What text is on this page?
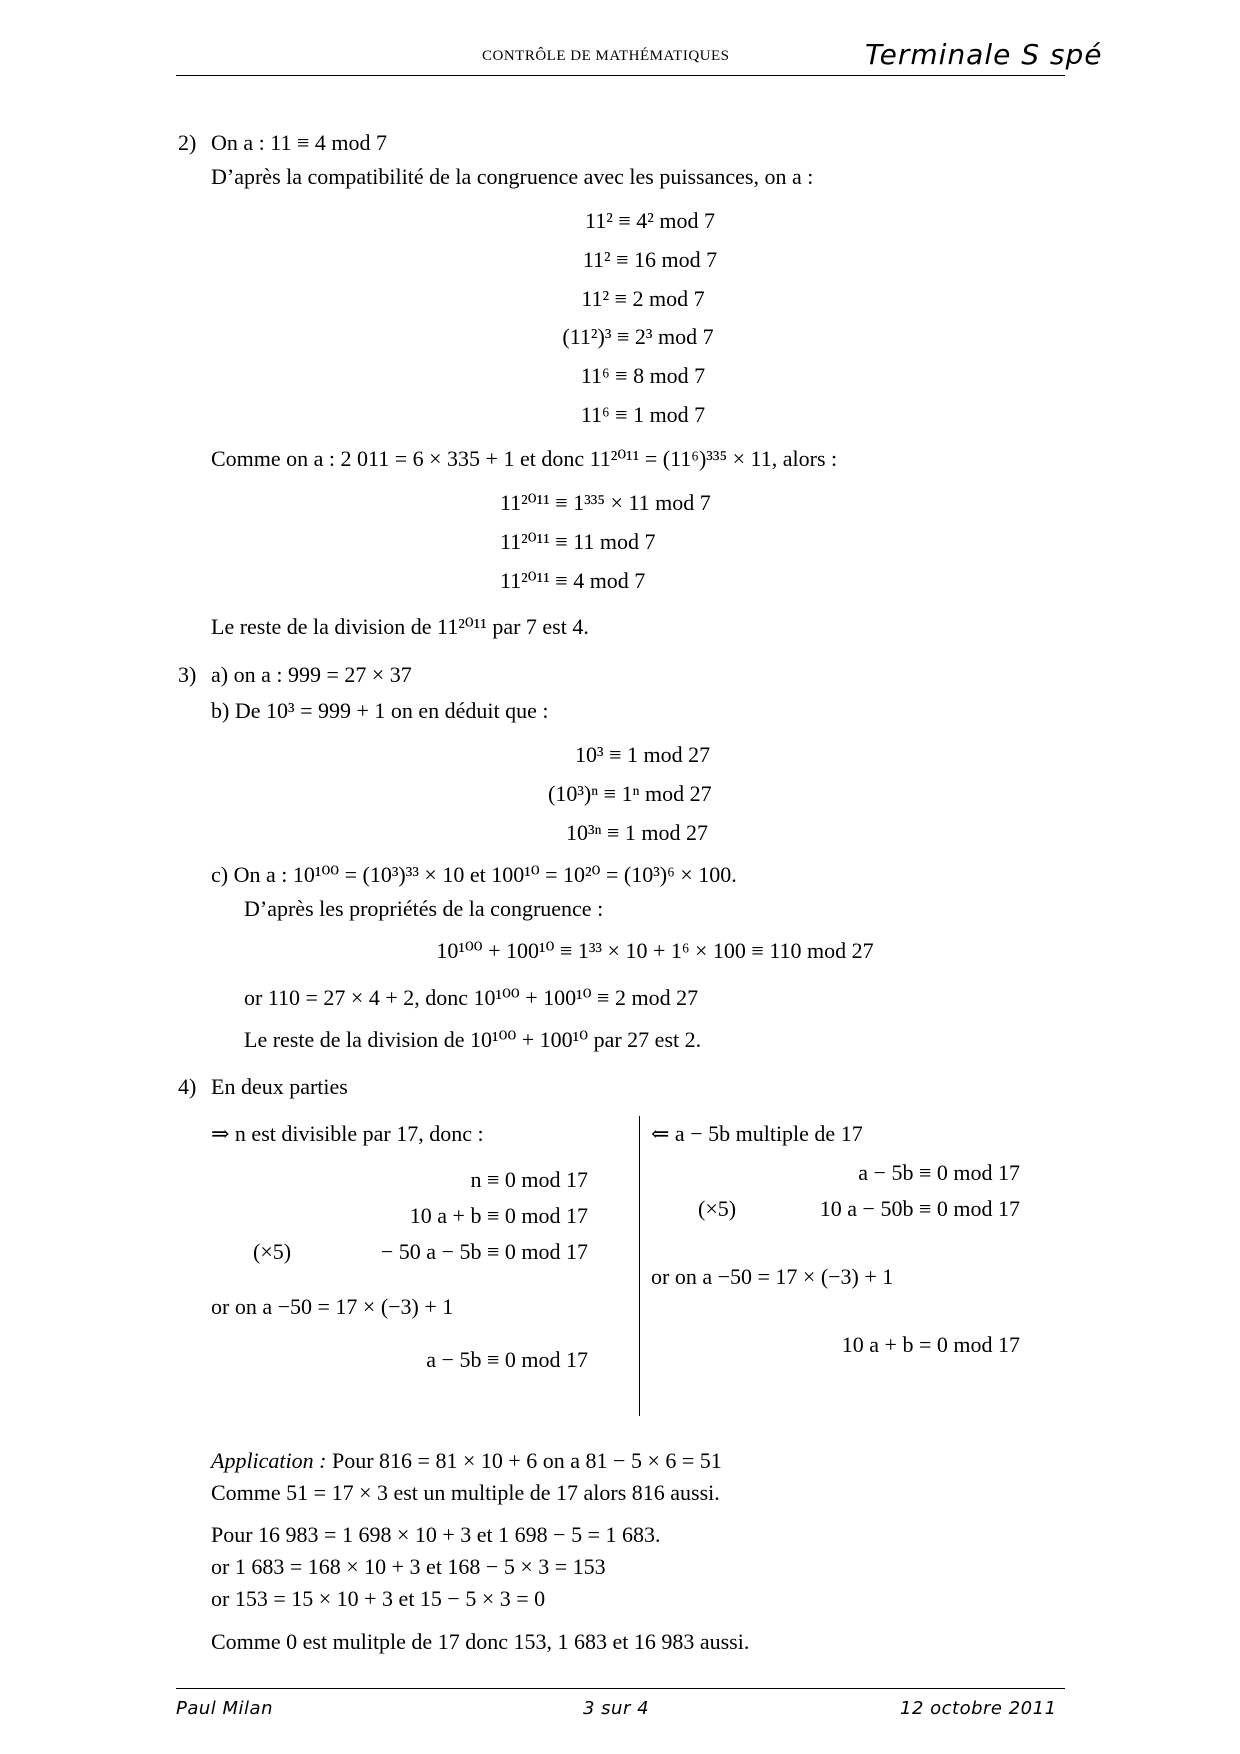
CONTRÔLE DE MATHÉMATIQUES	Terminale S spé
2) On a : 11 ≡ 4 mod 7
D’après la compatibilité de la congruence avec les puissances, on a :
11² ≡ 4² mod 7
11² ≡ 16 mod 7
11² ≡ 2 mod 7
(11²)³ ≡ 2³ mod 7
11⁶ ≡ 8 mod 7
11⁶ ≡ 1 mod 7
Comme on a : 2 011 = 6 × 335 + 1 et donc 11²⁰¹¹ = (11⁶)³³⁵ × 11, alors :
11²⁰¹¹ ≡ 1³³⁵ × 11 mod 7
11²⁰¹¹ ≡ 11 mod 7
11²⁰¹¹ ≡ 4 mod 7
Le reste de la division de 11²⁰¹¹ par 7 est 4.
3) a) on a : 999 = 27 × 37
b) De 10³ = 999 + 1 on en déduit que :
10³ ≡ 1 mod 27
(10³)ⁿ ≡ 1ⁿ mod 27
10³ⁿ ≡ 1 mod 27
c) On a : 10¹⁰⁰ = (10³)³³ × 10 et 100¹⁰ = 10²⁰ = (10³)⁶ × 100.
D’après les propriétés de la congruence :
10¹⁰⁰ + 100¹⁰ ≡ 1³³ × 10 + 1⁶ × 100 ≡ 110 mod 27
or 110 = 27 × 4 + 2, donc 10¹⁰⁰ + 100¹⁰ ≡ 2 mod 27
Le reste de la division de 10¹⁰⁰ + 100¹⁰ par 27 est 2.
4) En deux parties
⇒ n est divisible par 17, donc :
n ≡ 0 mod 17
10 a + b ≡ 0 mod 17
(×5)	− 50 a − 5b ≡ 0 mod 17
or on a −50 = 17 × (−3) + 1
a − 5b ≡ 0 mod 17
⇐ a − 5b multiple de 17
a − 5b ≡ 0 mod 17
(×5)	10 a − 50b ≡ 0 mod 17
or on a −50 = 17 × (−3) + 1
10 a + b = 0 mod 17
Application : Pour 816 = 81 × 10 + 6 on a 81 − 5 × 6 = 51
Comme 51 = 17 × 3 est un multiple de 17 alors 816 aussi.
Pour 16 983 = 1 698 × 10 + 3 et 1 698 − 5 = 1 683.
or 1 683 = 168 × 10 + 3 et 168 − 5 × 3 = 153
or 153 = 15 × 10 + 3 et 15 − 5 × 3 = 0
Comme 0 est mulitple de 17 donc 153, 1 683 et 16 983 aussi.
Paul Milan	3 sur 4	12 octobre 2011
